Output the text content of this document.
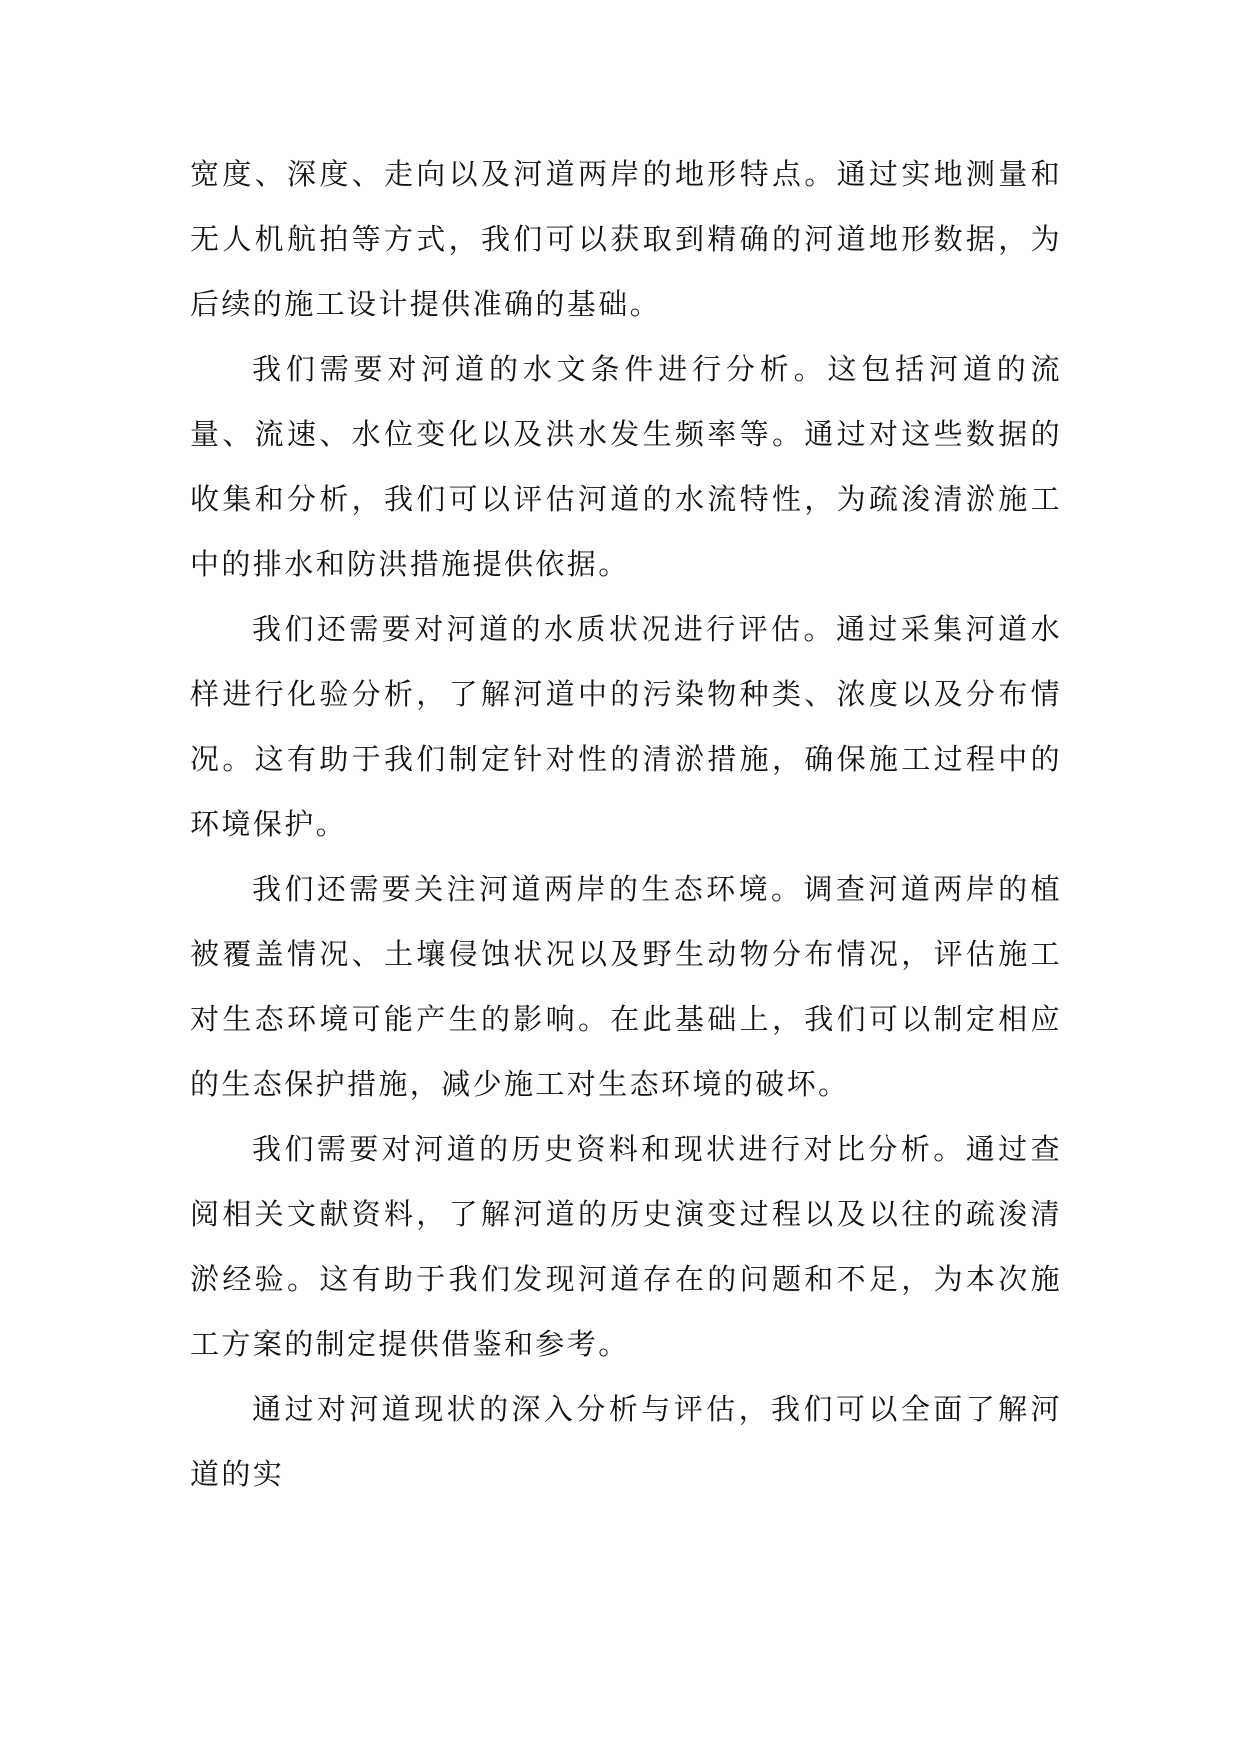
宽度、深度、走向以及河道两岸的地形特点。通过实地测量和无人机航拍等方式，我们可以获取到精确的河道地形数据，为后续的施工设计提供准确的基础。

我们需要对河道的水文条件进行分析。这包括河道的流量、流速、水位变化以及洪水发生频率等。通过对这些数据的收集和分析，我们可以评估河道的水流特性，为疏浚清淤施工中的排水和防洪措施提供依据。

我们还需要对河道的水质状况进行评估。通过采集河道水样进行化验分析，了解河道中的污染物种类、浓度以及分布情况。这有助于我们制定针对性的清淤措施，确保施工过程中的环境保护。

我们还需要关注河道两岸的生态环境。调查河道两岸的植被覆盖情况、土壤侵蚀状况以及野生动物分布情况，评估施工对生态环境可能产生的影响。在此基础上，我们可以制定相应的生态保护措施，减少施工对生态环境的破坏。

我们需要对河道的历史资料和现状进行对比分析。通过查阅相关文献资料，了解河道的历史演变过程以及以往的疏浚清淤经验。这有助于我们发现河道存在的问题和不足，为本次施工方案的制定提供借鉴和参考。

通过对河道现状的深入分析与评估，我们可以全面了解河道的实
